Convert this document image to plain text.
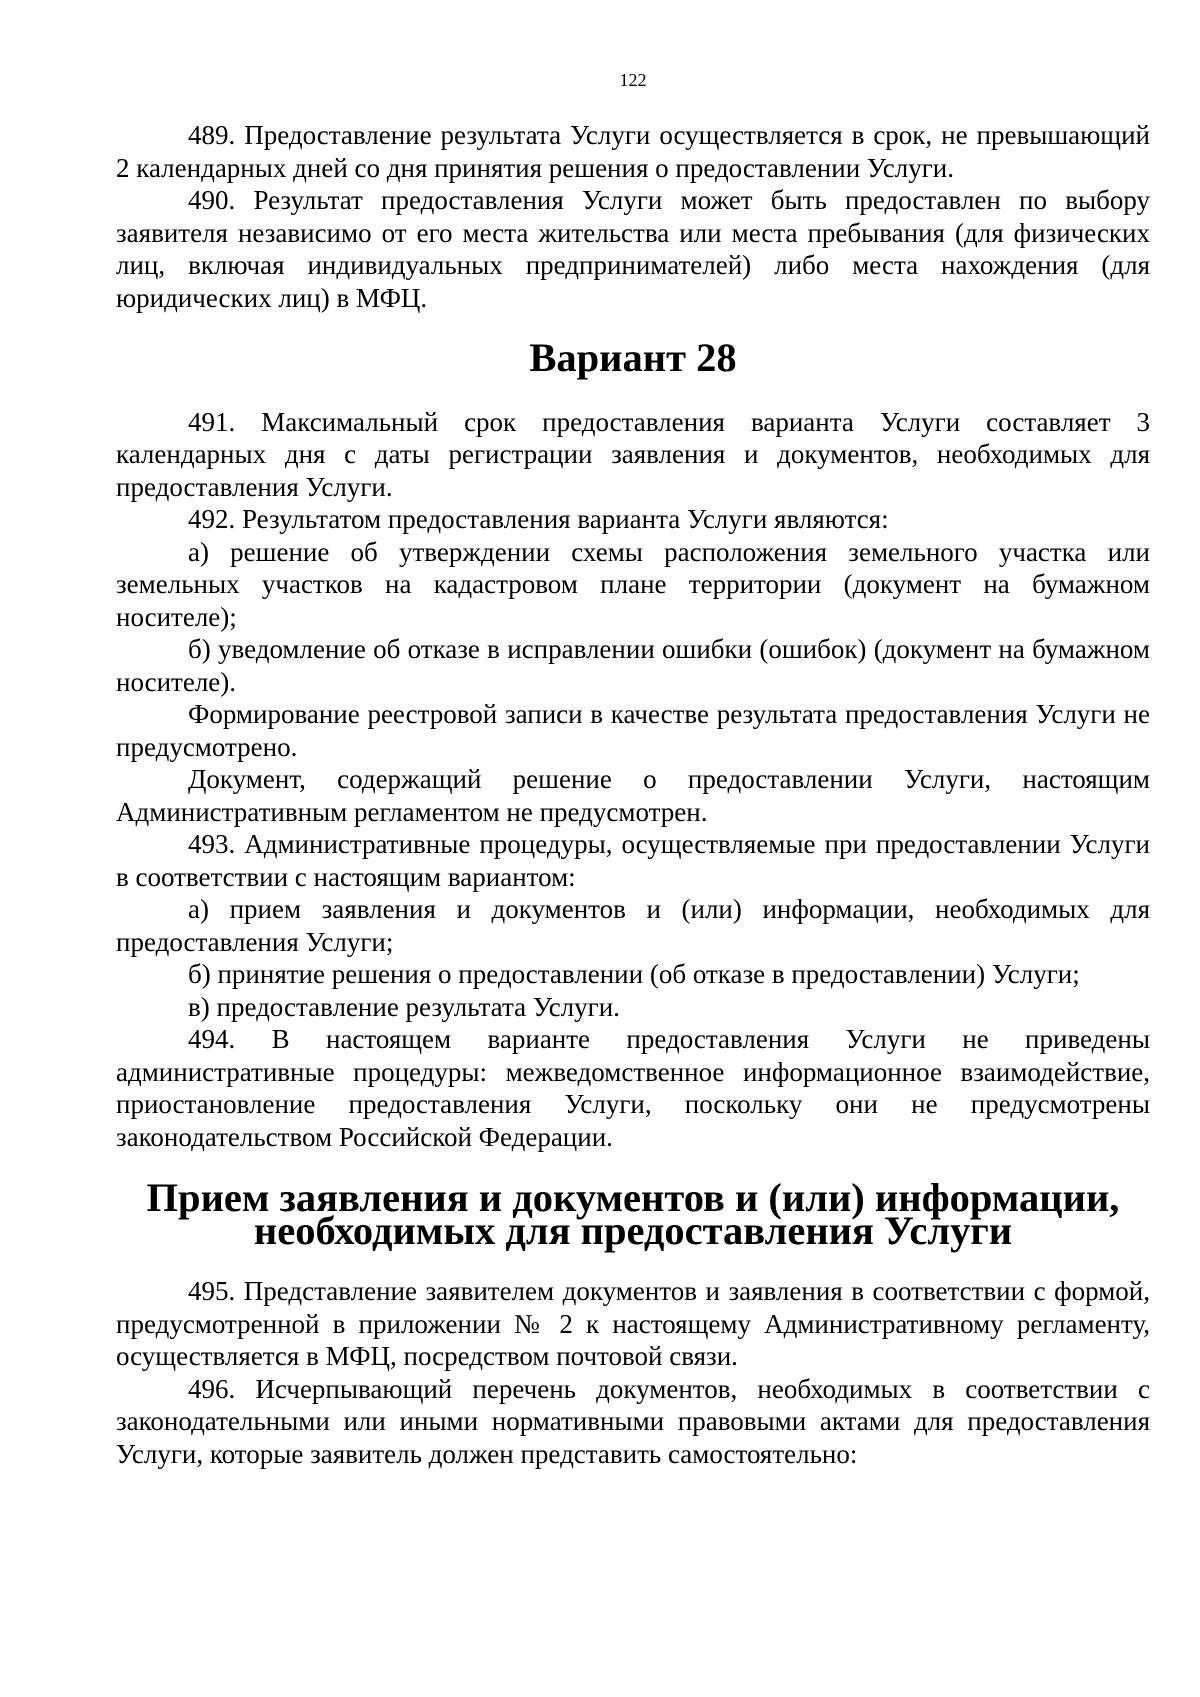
122

489. Предоставление результата Услуги осуществляется в срок, не превышающий 2 календарных дней со дня принятия решения о предоставлении Услуги.

490. Результат предоставления Услуги может быть предоставлен по выбору заявителя независимо от его места жительства или места пребывания (для физических лиц, включая индивидуальных предпринимателей) либо места нахождения (для юридических лиц) в МФЦ.

Вариант 28

491. Максимальный срок предоставления варианта Услуги составляет 3 календарных дня с даты регистрации заявления и документов, необходимых для предоставления Услуги.

492. Результатом предоставления варианта Услуги являются:

а) решение об утверждении схемы расположения земельного участка или земельных участков на кадастровом плане территории (документ на бумажном носителе);

б) уведомление об отказе в исправлении ошибки (ошибок) (документ на бумажном носителе).

Формирование реестровой записи в качестве результата предоставления Услуги не предусмотрено.

Документ, содержащий решение о предоставлении Услуги, настоящим Административным регламентом не предусмотрен.

493. Административные процедуры, осуществляемые при предоставлении Услуги в соответствии с настоящим вариантом:

а) прием заявления и документов и (или) информации, необходимых для предоставления Услуги;

б) принятие решения о предоставлении (об отказе в предоставлении) Услуги;

в) предоставление результата Услуги.

494. В настоящем варианте предоставления Услуги не приведены административные процедуры: межведомственное информационное взаимодействие, приостановление предоставления Услуги, поскольку они не предусмотрены законодательством Российской Федерации.

Прием заявления и документов и (или) информации, необходимых для предоставления Услуги

495. Представление заявителем документов и заявления в соответствии с формой, предусмотренной в приложении № 2 к настоящему Административному регламенту, осуществляется в МФЦ, посредством почтовой связи.

496. Исчерпывающий перечень документов, необходимых в соответствии с законодательными или иными нормативными правовыми актами для предоставления Услуги, которые заявитель должен представить самостоятельно:
